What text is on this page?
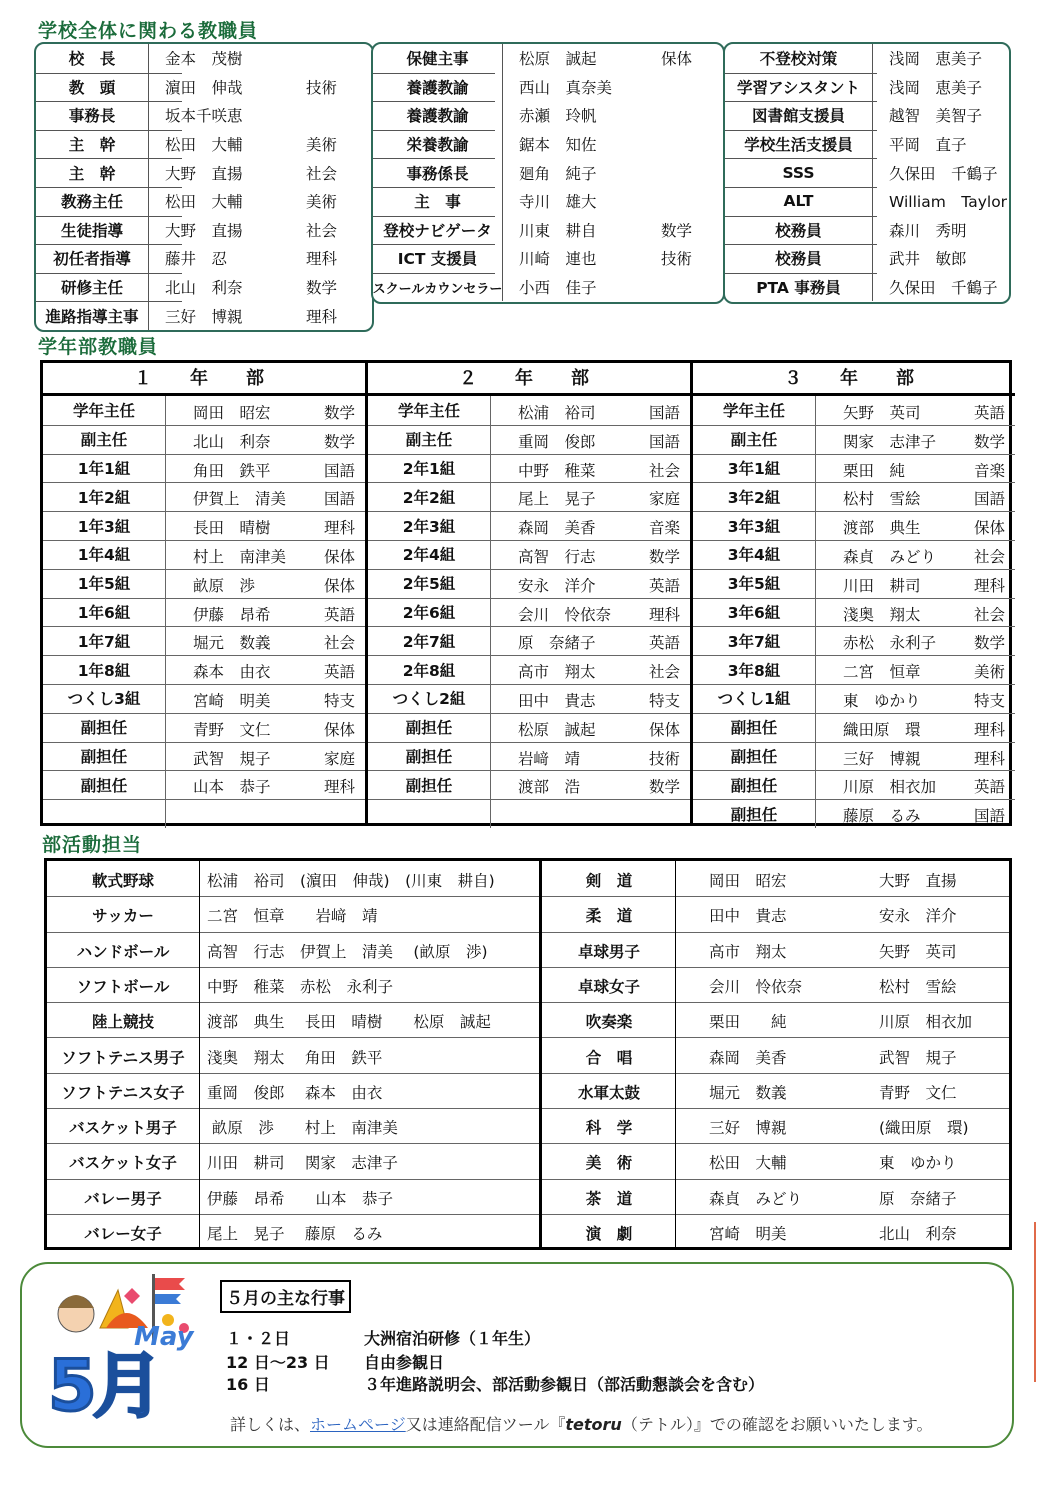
学校全体に関わる教職員
校　長	金本　茂樹
教　頭	濵田　伸哉	技術
事務長	坂本千咲恵
主　幹	松田　大輔	美術
主　幹	大野　直揚	社会
教務主任	松田　大輔	美術
生徒指導	大野　直揚	社会
初任者指導	藤井　忍	理科
研修主任	北山　利奈	数学
進路指導主事	三好　博親	理科
保健主事	松原　誠起	保体
養護教諭	西山　真奈美
養護教諭	赤瀬　玲帆
栄養教諭	鋸本　知佐
事務係長	廻角　純子
主　事	寺川　雄大
登校ナビゲータ	川東　耕自	数学
ICT 支援員	川崎　連也	技術
スクールカウンセラー	小西　佳子
不登校対策	浅岡　恵美子
学習アシスタント	浅岡　恵美子
図書館支援員	越智　美智子
学校生活支援員	平岡　直子
SSS	久保田　千鶴子
ALT	William　Taylor
校務員	森川　秀明
校務員	武井　敏郎
PTA 事務員	久保田　千鶴子
学年部教職員
１　年　部
学年主任	岡田　昭宏	数学
副主任	北山　利奈	数学
1年1組	角田　鉄平	国語
1年2組	伊賀上　清美 国語
1年3組	長田　晴樹	理科
1年4組	村上　南津美 保体
1年5組	畝原　渉	保体
1年6組	伊藤　昂希	英語
1年7組	堀元　数義	社会
1年8組	森本　由衣	英語
つくし3組	宮崎　明美	特支
副担任	青野　文仁	保体
副担任	武智　規子	家庭
副担任	山本　恭子	理科
２　年　部
学年主任	松浦　裕司	国語
副主任	重岡　俊郎	国語
2年1組	中野　稚菜	社会
2年2組	尾上　晃子	家庭
2年3組	森岡　美香	音楽
2年4組	高智　行志	数学
2年5組	安永　洋介	英語
2年6組	会川　怜依奈 理科
2年7組	原　奈緒子	英語
2年8組	高市　翔太	社会
つくし2組	田中　貴志	特支
副担任	松原　誠起	保体
副担任	岩﨑　靖	技術
副担任	渡部　浩	数学
３　年　部
学年主任	矢野　英司	英語
副主任	関家　志津子 数学
3年1組	栗田　純	音楽
3年2組	松村　雪絵	国語
3年3組	渡部　典生	保体
3年4組	森貞　みどり 社会
3年5組	川田　耕司	理科
3年6組	淺奥　翔太	社会
3年7組	赤松　永利子 数学
3年8組	二宮　恒章	美術
つくし1組	東　ゆかり	特支
副担任	織田原　環	理科
副担任	三好　博親	理科
副担任	川原　相衣加 英語
副担任	藤原　るみ	国語
部活動担当
軟式野球	松浦　裕司　(濵田　伸哉)　(川東　耕自)	剣　道	岡田　昭宏	大野　直揚
サッカー	二宮　恒章　　岩﨑　靖	柔　道	田中　貴志	安永　洋介
ハンドボール	高智　行志　伊賀上　清美　 (畝原　渉)	卓球男子	高市　翔太	矢野　英司
ソフトボール	中野　稚菜　赤松　永利子	卓球女子	会川　怜依奈	松村　雪絵
陸上競技	渡部　典生　 長田　晴樹　　松原　誠起	吹奏楽	栗田　　純	川原　相衣加
ソフトテニス男子	淺奥　翔太　 角田　鉄平	合　唱	森岡　美香	武智　規子
ソフトテニス女子	重岡　俊郎　 森本　由衣	水軍太鼓	堀元　数義	青野　文仁
バスケット男子	畝原　渉　　村上　南津美	科　学	三好　博親	(織田原　環)
バスケット女子	川田　耕司　 関家　志津子	美　術	松田　大輔	東　ゆかり
バレー男子	伊藤　昂希　　山本　恭子	茶　道	森貞　みどり	原　奈緒子
バレー女子	尾上　晃子　 藤原　るみ	演　劇	宮崎　明美	北山　利奈
May
5月
５月の主な行事
１・２日	大洲宿泊研修（１年生）
12 日～23 日 自由参観日
16 日	３年進路説明会、部活動参観日（部活動懇談会を含む）
詳しくは、ホームページ又は連絡配信ツール『tetoru（テトル）』での確認をお願いいたします。
